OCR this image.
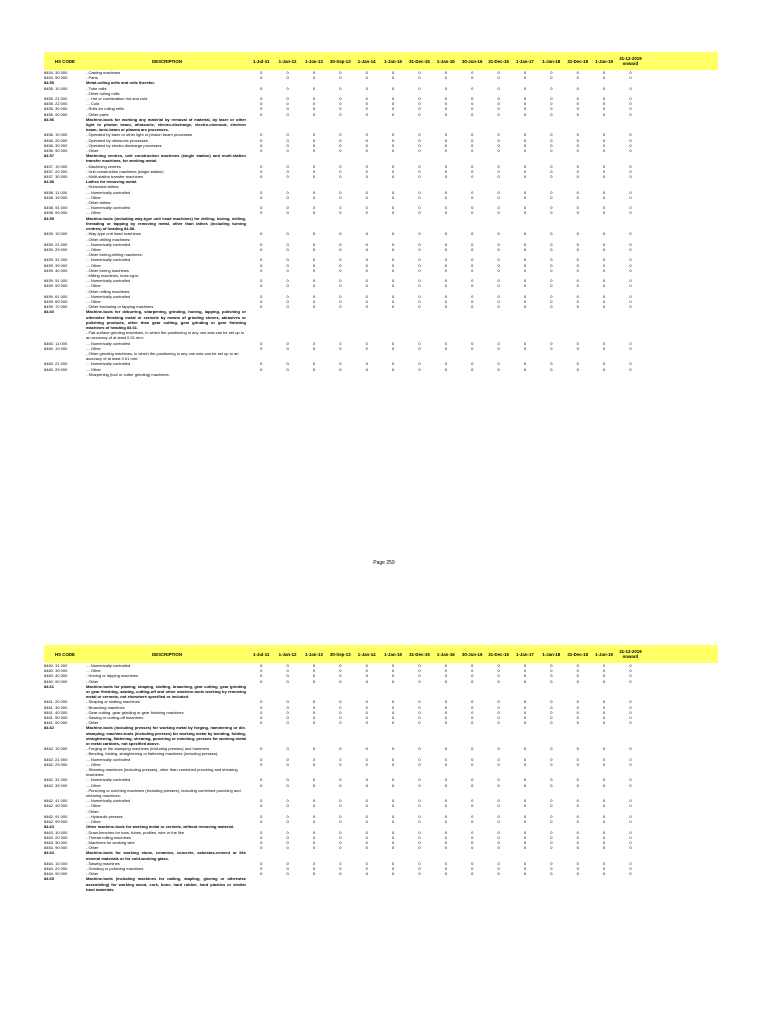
HS CODE	DESCRIPTION	1-Jul-11	1-Jan-12	1-Jan-13	30-Sep-13	1-Jan-14	1-Jan-15	31-Dec-15	1-Jan-16	30-Jun-16	31-Dec-16	1-Jan-17	1-Jan-18	31-Dec-18	1-Jan-19	31-12-2019 onward
8454. 30 000	- Casting machines	0	0	0	0	0	0	0	0	0	0	0	0	0	0	0
8454. 90 000	- Parts	0	0	0	0	0	0	0	0	0	0	0	0	0	0	0
84.55	Metal-rolling mills and rolls therefor.
8455. 10 000	- Tube mills	0	0	0	0	0	0	0	0	0	0	0	0	0	0	0
- Other rolling mills:
8455. 21 000	- - Hot or combination hot and cold	0	0	0	0	0	0	0	0	0	0	0	0	0	0	0
8455. 22 000	- - Cold	0	0	0	0	0	0	0	0	0	0	0	0	0	0	0
8455. 30 000	- Rolls for rolling mills	0	0	0	0	0	0	0	0	0	0	0	0	0	0	0
8455. 90 000	- Other parts	0	0	0	0	0	0	0	0	0	0	0	0	0	0	0
84.56	Machine-tools for working any material by removal of material, by laser or other light or photon beam, ultrasonic, electro-discharge, electro-chemical, electron beam, ionic-beam or plasma arc processes.
8456. 10 000	- Operated by laser or other light or photon beam processes	0	0	0	0	0	0	0	0	0	0	0	0	0	0	0
8456. 20 000	- Operated by ultrasonic processes	0	0	0	0	0	0	0	0	0	0	0	0	0	0	0
8456. 30 000	- Operated by electro-discharge processes	0	0	0	0	0	0	0	0	0	0	0	0	0	0	0
8456. 90 000	- Other	0	0	0	0	0	0	0	0	0	0	0	0	0	0	0
84.57	Machining centres, unit construction machines (single station) and multi-station transfer machines, for working metal.
8457. 10 000	- Machining centres	0	0	0	0	0	0	0	0	0	0	0	0	0	0	0
8457. 20 000	- Unit construction machines (single station)	0	0	0	0	0	0	0	0	0	0	0	0	0	0	0
8457. 30 000	- Multi-station transfer machines	0	0	0	0	0	0	0	0	0	0	0	0	0	0	0
84.58	Lathes for removing metal.
- Horizontal lathes:
8458. 11 000	- - Numerically controlled	0	0	0	0	0	0	0	0	0	0	0	0	0	0	0
8458. 19 000	- - Other	0	0	0	0	0	0	0	0	0	0	0	0	0	0	0
- Other lathes:
8458. 91 000	- - Numerically controlled	0	0	0	0	0	0	0	0	0	0	0	0	0	0	0
8458. 99 000	- - Other	0	0	0	0	0	0	0	0	0	0	0	0	0	0	0
84.59	Machine-tools (including way-type unit head machines) for drilling, boring, milling, threading or tapping by removing metal, other than lathes (including turning centres) of heading 84.58.
8459. 10 000	- Way-type unit head machines	0	0	0	0	0	0	0	0	0	0	0	0	0	0	0
- Other drilling machines:
8459. 21 000	- - Numerically controlled	0	0	0	0	0	0	0	0	0	0	0	0	0	0	0
8459. 29 000	- - Other	0	0	0	0	0	0	0	0	0	0	0	0	0	0	0
- Other boring-milling machines:
8459. 31 000	- - Numerically controlled	0	0	0	0	0	0	0	0	0	0	0	0	0	0	0
8459. 39 000	- - Other	0	0	0	0	0	0	0	0	0	0	0	0	0	0	0
8459. 40 000	- Other boring machines	0	0	0	0	0	0	0	0	0	0	0	0	0	0	0
- Milling machines, knee-type:
8459. 51 000	- - Numerically controlled	0	0	0	0	0	0	0	0	0	0	0	0	0	0	0
8459. 59 000	- - Other	0	0	0	0	0	0	0	0	0	0	0	0	0	0	0
- Other milling machines:
8459. 61 000	- - Numerically controlled	0	0	0	0	0	0	0	0	0	0	0	0	0	0	0
8459. 69 000	- - Other	0	0	0	0	0	0	0	0	0	0	0	0	0	0	0
8459. 70 000	- Other threading or tapping machines	0	0	0	0	0	0	0	0	0	0	0	0	0	0	0
84.60	Machine-tools for deburring, sharpening, grinding, honing, lapping, polishing or otherwise finishing metal or cermets by means of grinding stones, abrasives or polishing products, other than gear cutting, gear grinding or gear finishing machines of heading 84.61.
- Flat-surface grinding machines, in which the positioning in any one axis can be set up to an accuracy of at least 0.01 mm:
8460. 11 000	- - Numerically controlled	0	0	0	0	0	0	0	0	0	0	0	0	0	0	0
8460. 19 000	- - Other	0	0	0	0	0	0	0	0	0	0	0	0	0	0	0
- Other grinding machines, in which the positioning in any one axis can be set up to an accuracy of at least 0.01 mm:
8460. 21 000	- - Numerically controlled	0	0	0	0	0	0	0	0	0	0	0	0	0	0	0
8460. 29 000	- - Other	0	0	0	0	0	0	0	0	0	0	0	0	0	0	0
- Sharpening (tool or cutter grinding) machines:
Page 259
HS CODE	DESCRIPTION	1-Jul-11	1-Jan-12	1-Jan-13	30-Sep-13	1-Jan-14	1-Jan-15	31-Dec-15	1-Jan-16	30-Jun-16	31-Dec-16	1-Jan-17	1-Jan-18	31-Dec-18	1-Jan-19	31-12-2019 onward
8460. 31 000	- - Numerically controlled	0	0	0	0	0	0	0	0	0	0	0	0	0	0	0
8460. 39 000	- - Other	0	0	0	0	0	0	0	0	0	0	0	0	0	0	0
8460. 40 000	- Honing or lapping machines	0	0	0	0	0	0	0	0	0	0	0	0	0	0	0
8460. 90 000	- Other	0	0	0	0	0	0	0	0	0	0	0	0	0	0	0
84.61	Machine-tools for planing, shaping, slotting, broaching, gear cutting, gear grinding or gear finishing, sawing, cutting-off and other machine-tools working by removing metal or cermets, not elsewhere specified or included.
8461. 20 000	- Shaping or slotting machines	0	0	0	0	0	0	0	0	0	0	0	0	0	0	0
8461. 30 000	- Broaching machines	0	0	0	0	0	0	0	0	0	0	0	0	0	0	0
8461. 40 000	- Gear cutting, gear grinding or gear finishing machines	0	0	0	0	0	0	0	0	0	0	0	0	0	0	0
8461. 50 000	- Sawing or cutting-off machines	0	0	0	0	0	0	0	0	0	0	0	0	0	0	0
8461. 90 000	- Other	0	0	0	0	0	0	0	0	0	0	0	0	0	0	0
84.62	Machine-tools (including presses) for working metal by forging, hammering or die-stamping; machine-tools (including presses) for working metal by bending, folding, straightening, flattening, shearing, punching or notching; presses for working metal or metal carbides, not specified above.
8462. 10 000	- Forging or die-stamping machines (including presses) and hammers	0	0	0	0	0	0	0	0	0	0	0	0	0	0	0
- Bending, folding, straightening or flattening machines (including presses):
8462. 21 000	- - Numerically controlled	0	0	0	0	0	0	0	0	0	0	0	0	0	0	0
8462. 29 000	- - Other	0	0	0	0	0	0	0	0	0	0	0	0	0	0	0
- Shearing machines (including presses), other than combined punching and shearing machines:
8462. 31 000	- - Numerically controlled	0	0	0	0	0	0	0	0	0	0	0	0	0	0	0
8462. 39 000	- - Other	0	0	0	0	0	0	0	0	0	0	0	0	0	0	0
- Punching or notching machines (including presses), including combined punching and shearing machines:
8462. 41 000	- - Numerically controlled	0	0	0	0	0	0	0	0	0	0	0	0	0	0	0
8462. 49 000	- - Other	0	0	0	0	0	0	0	0	0	0	0	0	0	0	0
- Other:
8462. 91 000	- - Hydraulic presses	0	0	0	0	0	0	0	0	0	0	0	0	0	0	0
8462. 99 000	- - Other	0	0	0	0	0	0	0	0	0	0	0	0	0	0	0
84.63	Other machine-tools for working metal or cermets, without removing material.
8463. 10 000	- Draw-benches for bars, tubes, profiles, wire or the like	0	0	0	0	0	0	0	0	0	0	0	0	0	0	0
8463. 20 000	- Thread rolling machines	0	0	0	0	0	0	0	0	0	0	0	0	0	0	0
8463. 30 000	- Machines for working wire	0	0	0	0	0	0	0	0	0	0	0	0	0	0	0
8463. 90 000	- Other	0	0	0	0	0	0	0	0	0	0	0	0	0	0	0
84.64	Machine-tools for working stone, ceramics, concrete, asbestos-cement or like mineral materials or for cold-working glass.
8464. 10 000	- Sawing machines	0	0	0	0	0	0	0	0	0	0	0	0	0	0	0
8464. 20 000	- Grinding or polishing machines	0	0	0	0	0	0	0	0	0	0	0	0	0	0	0
8464. 90 000	- Other	0	0	0	0	0	0	0	0	0	0	0	0	0	0	0
84.65	Machine-tools (including machines for nailing, stapling, glueing or otherwise assembling) for working wood, cork, bone, hard rubber, hard plastics or similar hard materials.
